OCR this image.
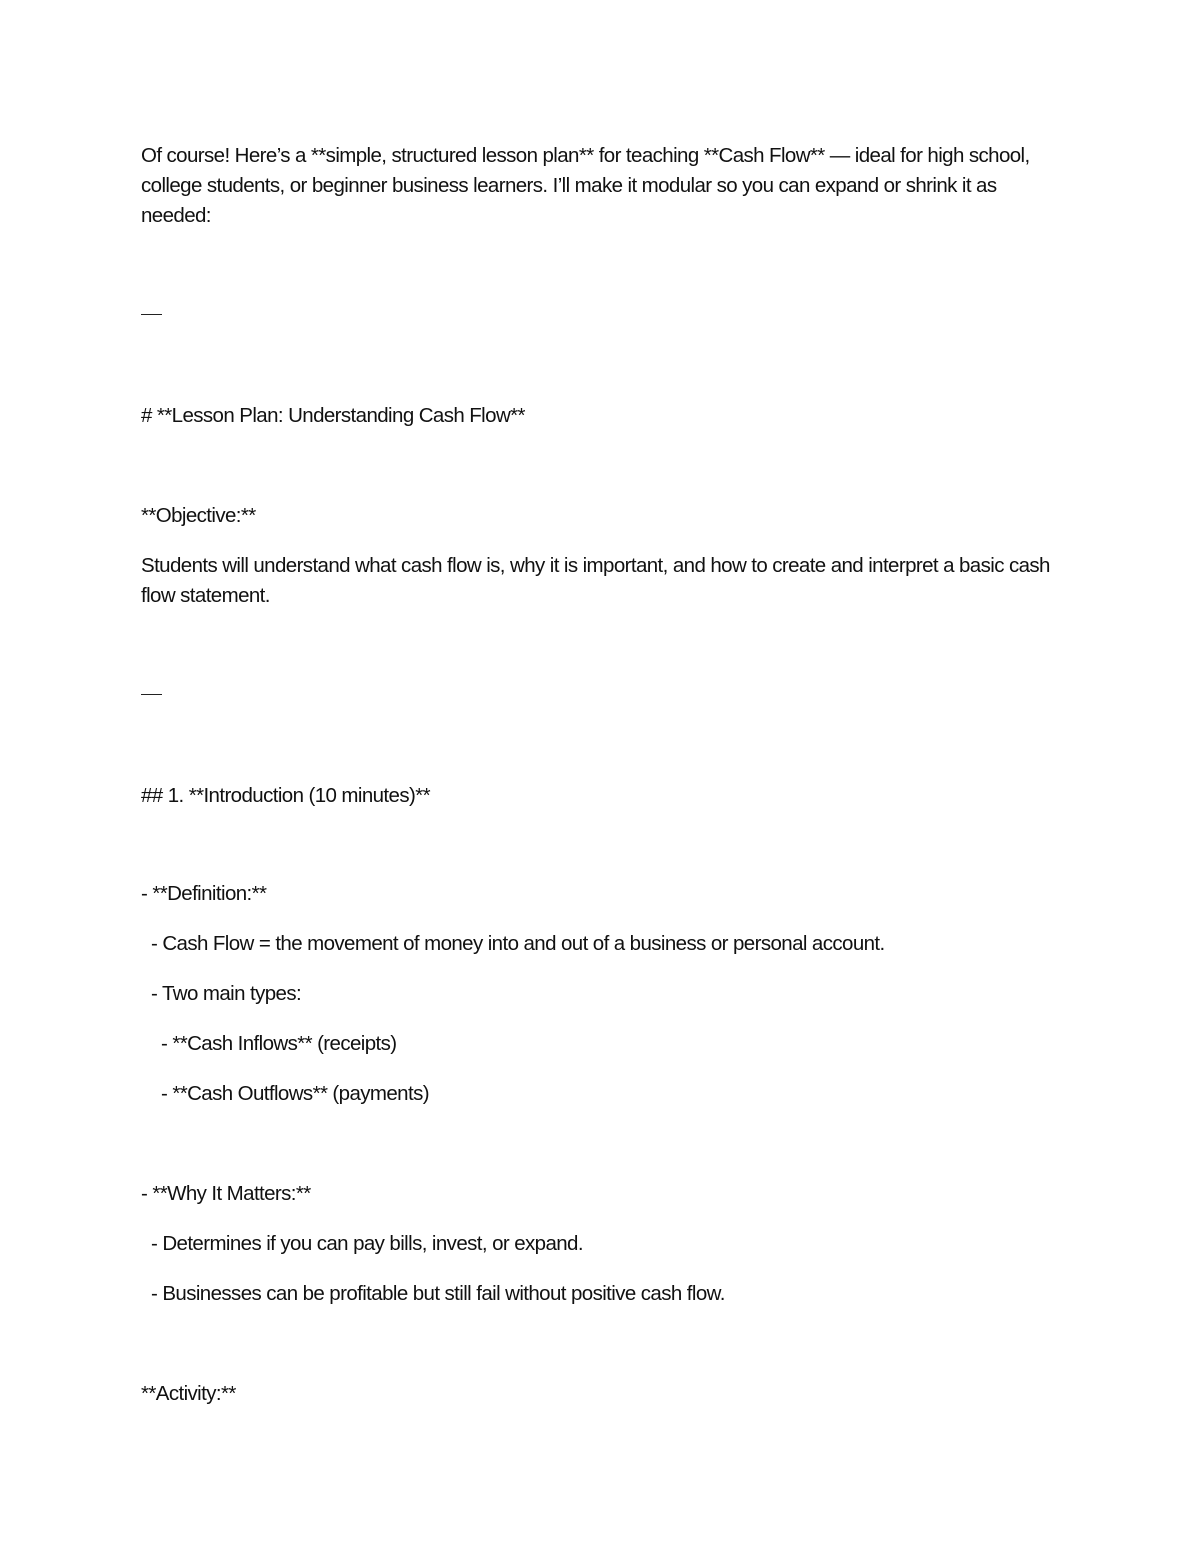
Of course! Here’s a **simple, structured lesson plan** for teaching **Cash Flow** — ideal for high school, college students, or beginner business learners. I’ll make it modular so you can expand or shrink it as needed:
# **Lesson Plan: Understanding Cash Flow**
**Objective:**
Students will understand what cash flow is, why it is important, and how to create and interpret a basic cash flow statement.
## 1. **Introduction (10 minutes)**
- **Definition:**
- Cash Flow = the movement of money into and out of a business or personal account.
- Two main types:
- **Cash Inflows** (receipts)
- **Cash Outflows** (payments)
- **Why It Matters:**
- Determines if you can pay bills, invest, or expand.
- Businesses can be profitable but still fail without positive cash flow.
**Activity:**
